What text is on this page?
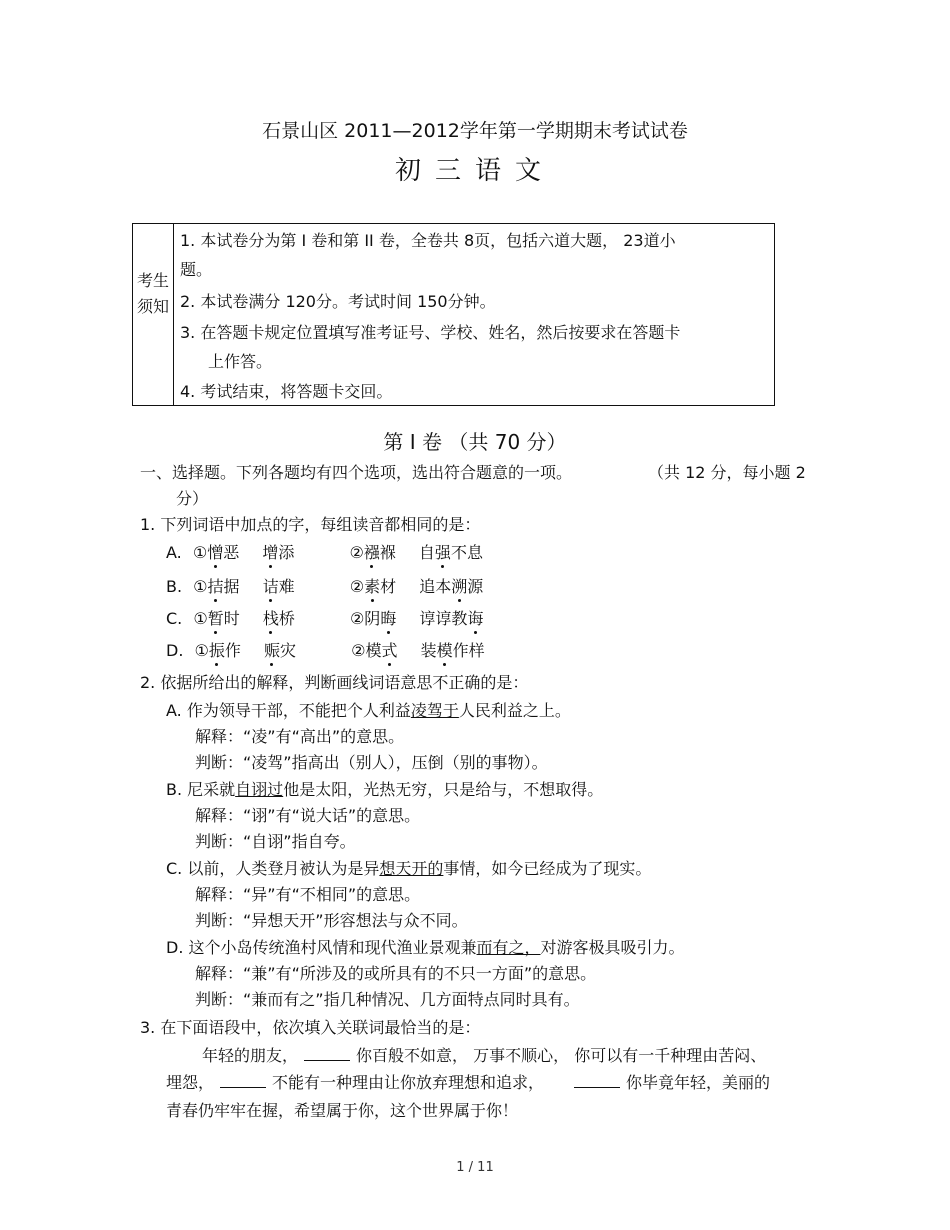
石景山区 2011—2012学年第一学期期末考试试卷
初三语文
考生须知
1. 本试卷分为第 I 卷和第 II 卷，全卷共 8页，包括六道大题， 23道小
题。
2. 本试卷满分 120分。考试时间 150分钟。
3. 在答题卡规定位置填写准考证号、学校、姓名，然后按要求在答题卡
上作答。
4. 考试结束，将答题卡交回。
第 I 卷 （共 70 分）
一、选择题。下列各题均有四个选项，选出符合题意的一项。	（共 12 分，每小题 2
分）
1. 下列词语中加点的字，每组读音都相同的是：
A. ①憎恶 增添	②襁褓 自强不息
B. ①拮据 诘难	②素材 追本溯源
C. ①暂时 栈桥	②阴晦 谆谆教诲
D. ①振作 赈灾	②模式 装模作样
2. 依据所给出的解释，判断画线词语意思不正确的是：
A. 作为领导干部，不能把个人利益凌驾于人民利益之上。
解释：“凌”有“高出”的意思。
判断：“凌驾”指高出（别人），压倒（别的事物）。
B. 尼采就自诩过他是太阳，光热无穷，只是给与，不想取得。
解释：“诩”有“说大话”的意思。
判断：“自诩”指自夸。
C. 以前，人类登月被认为是异想天开的事情，如今已经成为了现实。
解释：“异”有“不相同”的意思。
判断：“异想天开”形容想法与众不同。
D. 这个小岛传统渔村风情和现代渔业景观兼而有之，对游客极具吸引力。
解释：“兼”有“所涉及的或所具有的不只一方面”的意思。
判断：“兼而有之”指几种情况、几方面特点同时具有。
3. 在下面语段中，依次填入关联词最恰当的是：
年轻的朋友，	你百般不如意， 万事不顺心， 你可以有一千种理由苦闷、
埋怨，	不能有一种理由让你放弃理想和追求，	你毕竟年轻，美丽的
青春仍牢牢在握，希望属于你，这个世界属于你！
1 / 11
